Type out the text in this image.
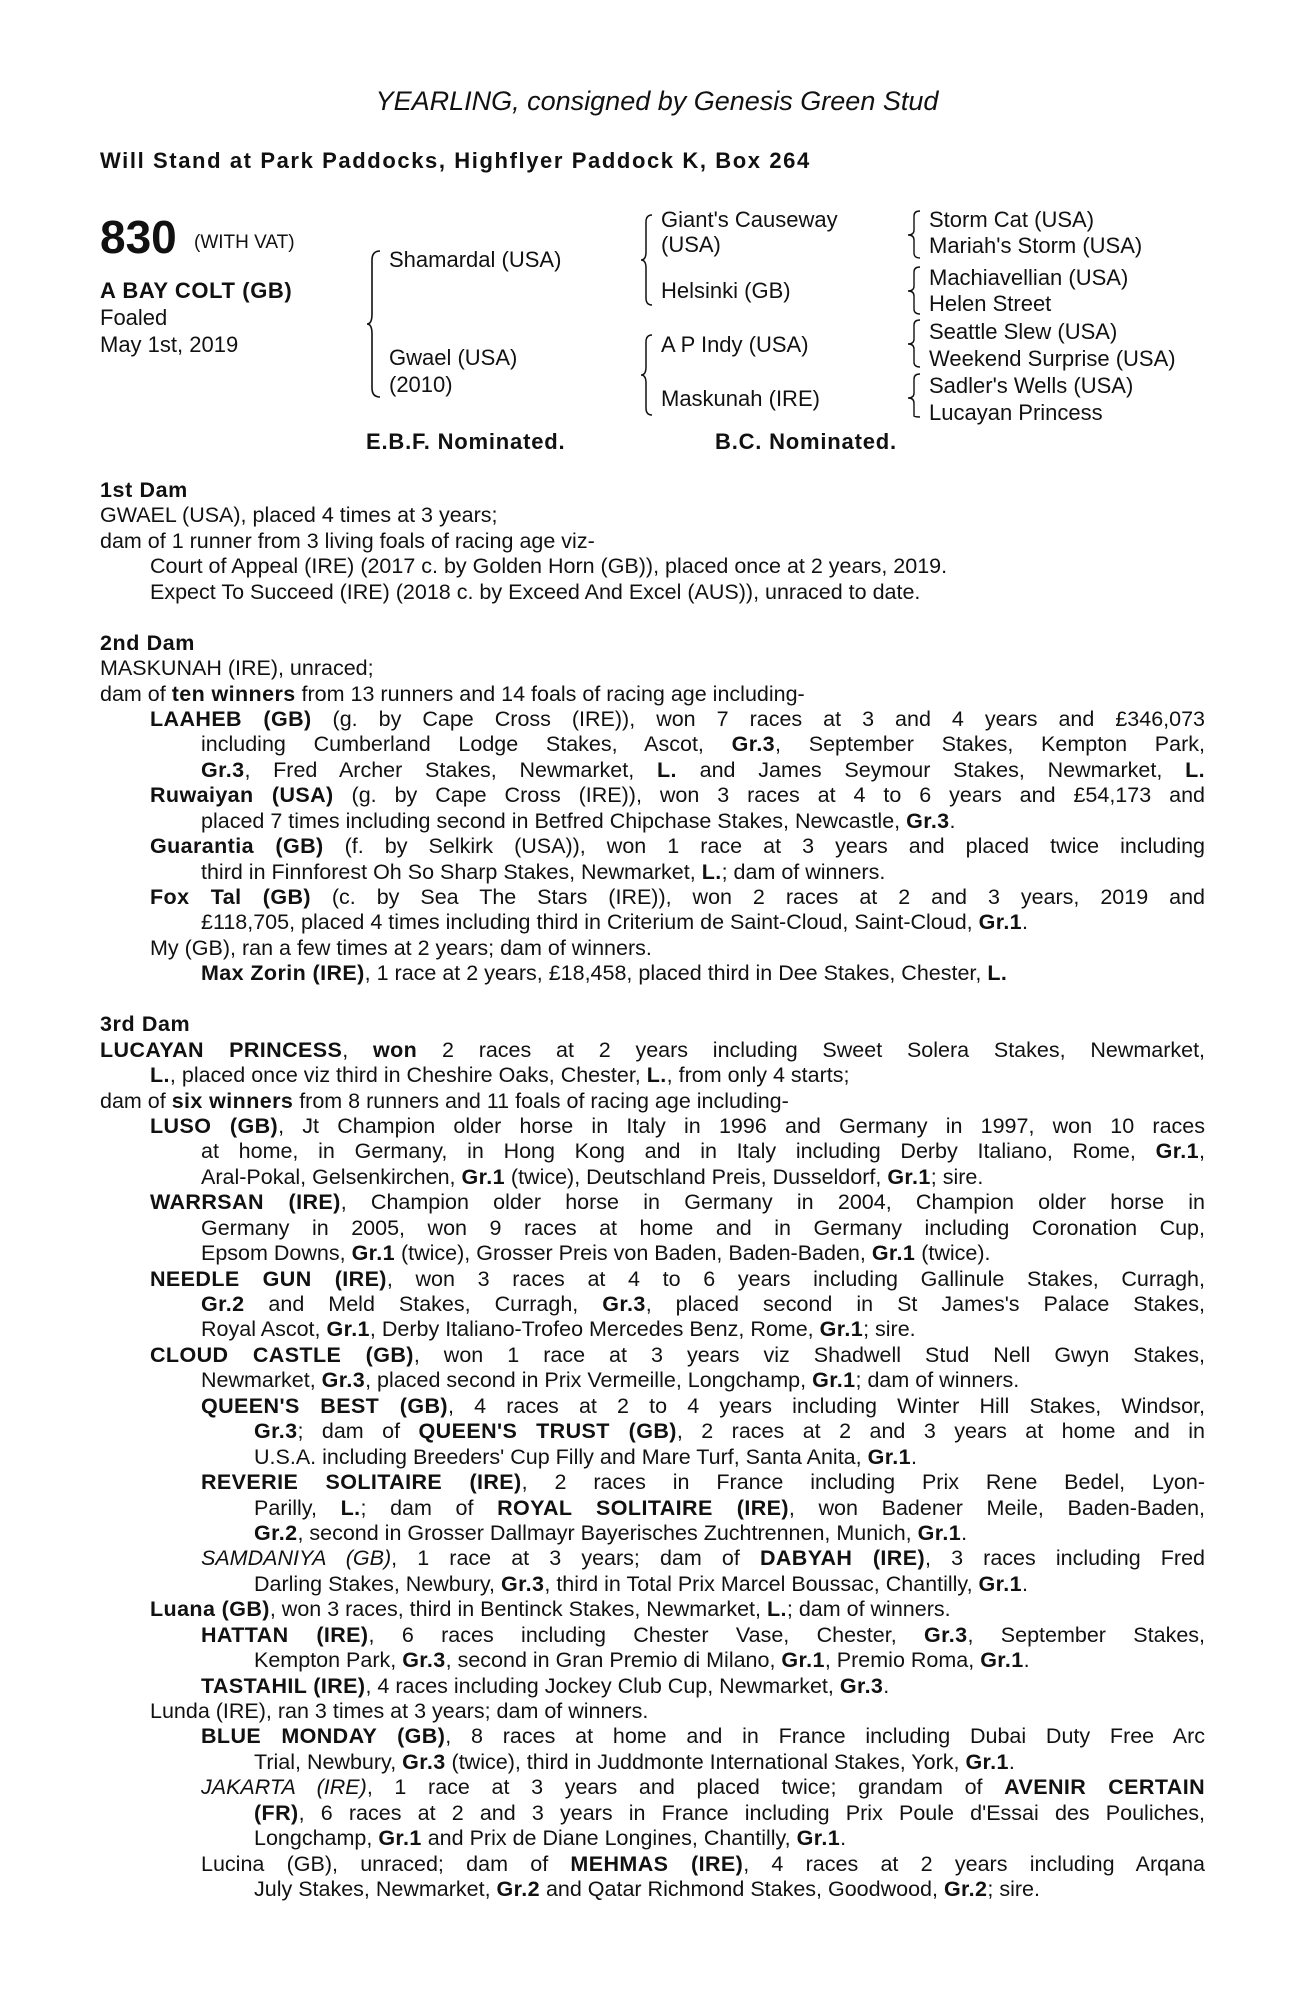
YEARLING, consigned by Genesis Green Stud
Will Stand at Park Paddocks, Highflyer Paddock K, Box 264
830 (WITH VAT)
A BAY COLT (GB)
Foaled
May 1st, 2019
Shamardal (USA)
Gwael (USA)
(2010)
Giant's Causeway
(USA)
Helsinki (GB)
A P Indy (USA)
Maskunah (IRE)
Storm Cat (USA)
Mariah's Storm (USA)
Machiavellian (USA)
Helen Street
Seattle Slew (USA)
Weekend Surprise (USA)
Sadler's Wells (USA)
Lucayan Princess
E.B.F. Nominated.	B.C. Nominated.
1st Dam
GWAEL (USA), placed 4 times at 3 years;
dam of 1 runner from 3 living foals of racing age viz-
Court of Appeal (IRE) (2017 c. by Golden Horn (GB)), placed once at 2 years, 2019.
Expect To Succeed (IRE) (2018 c. by Exceed And Excel (AUS)), unraced to date.
2nd Dam
MASKUNAH (IRE), unraced;
dam of ten winners from 13 runners and 14 foals of racing age including-
LAAHEB (GB) (g. by Cape Cross (IRE)), won 7 races at 3 and 4 years and £346,073
including Cumberland Lodge Stakes, Ascot, Gr.3, September Stakes, Kempton Park,
Gr.3, Fred Archer Stakes, Newmarket, L. and James Seymour Stakes, Newmarket, L.
Ruwaiyan (USA) (g. by Cape Cross (IRE)), won 3 races at 4 to 6 years and £54,173 and
placed 7 times including second in Betfred Chipchase Stakes, Newcastle, Gr.3.
Guarantia (GB) (f. by Selkirk (USA)), won 1 race at 3 years and placed twice including
third in Finnforest Oh So Sharp Stakes, Newmarket, L.; dam of winners.
Fox Tal (GB) (c. by Sea The Stars (IRE)), won 2 races at 2 and 3 years, 2019 and
£118,705, placed 4 times including third in Criterium de Saint-Cloud, Saint-Cloud, Gr.1.
My (GB), ran a few times at 2 years; dam of winners.
Max Zorin (IRE), 1 race at 2 years, £18,458, placed third in Dee Stakes, Chester, L.
3rd Dam
LUCAYAN PRINCESS, won 2 races at 2 years including Sweet Solera Stakes, Newmarket,
L., placed once viz third in Cheshire Oaks, Chester, L., from only 4 starts;
dam of six winners from 8 runners and 11 foals of racing age including-
LUSO (GB), Jt Champion older horse in Italy in 1996 and Germany in 1997, won 10 races
at home, in Germany, in Hong Kong and in Italy including Derby Italiano, Rome, Gr.1,
Aral-Pokal, Gelsenkirchen, Gr.1 (twice), Deutschland Preis, Dusseldorf, Gr.1; sire.
WARRSAN (IRE), Champion older horse in Germany in 2004, Champion older horse in
Germany in 2005, won 9 races at home and in Germany including Coronation Cup,
Epsom Downs, Gr.1 (twice), Grosser Preis von Baden, Baden-Baden, Gr.1 (twice).
NEEDLE GUN (IRE), won 3 races at 4 to 6 years including Gallinule Stakes, Curragh,
Gr.2 and Meld Stakes, Curragh, Gr.3, placed second in St James's Palace Stakes,
Royal Ascot, Gr.1, Derby Italiano-Trofeo Mercedes Benz, Rome, Gr.1; sire.
CLOUD CASTLE (GB), won 1 race at 3 years viz Shadwell Stud Nell Gwyn Stakes,
Newmarket, Gr.3, placed second in Prix Vermeille, Longchamp, Gr.1; dam of winners.
QUEEN'S BEST (GB), 4 races at 2 to 4 years including Winter Hill Stakes, Windsor,
Gr.3; dam of QUEEN'S TRUST (GB), 2 races at 2 and 3 years at home and in
U.S.A. including Breeders' Cup Filly and Mare Turf, Santa Anita, Gr.1.
REVERIE SOLITAIRE (IRE), 2 races in France including Prix Rene Bedel, Lyon-
Parilly, L.; dam of ROYAL SOLITAIRE (IRE), won Badener Meile, Baden-Baden,
Gr.2, second in Grosser Dallmayr Bayerisches Zuchtrennen, Munich, Gr.1.
SAMDANIYA (GB), 1 race at 3 years; dam of DABYAH (IRE), 3 races including Fred
Darling Stakes, Newbury, Gr.3, third in Total Prix Marcel Boussac, Chantilly, Gr.1.
Luana (GB), won 3 races, third in Bentinck Stakes, Newmarket, L.; dam of winners.
HATTAN (IRE), 6 races including Chester Vase, Chester, Gr.3, September Stakes,
Kempton Park, Gr.3, second in Gran Premio di Milano, Gr.1, Premio Roma, Gr.1.
TASTAHIL (IRE), 4 races including Jockey Club Cup, Newmarket, Gr.3.
Lunda (IRE), ran 3 times at 3 years; dam of winners.
BLUE MONDAY (GB), 8 races at home and in France including Dubai Duty Free Arc
Trial, Newbury, Gr.3 (twice), third in Juddmonte International Stakes, York, Gr.1.
JAKARTA (IRE), 1 race at 3 years and placed twice; grandam of AVENIR CERTAIN
(FR), 6 races at 2 and 3 years in France including Prix Poule d'Essai des Pouliches,
Longchamp, Gr.1 and Prix de Diane Longines, Chantilly, Gr.1.
Lucina (GB), unraced; dam of MEHMAS (IRE), 4 races at 2 years including Arqana
July Stakes, Newmarket, Gr.2 and Qatar Richmond Stakes, Goodwood, Gr.2; sire.
